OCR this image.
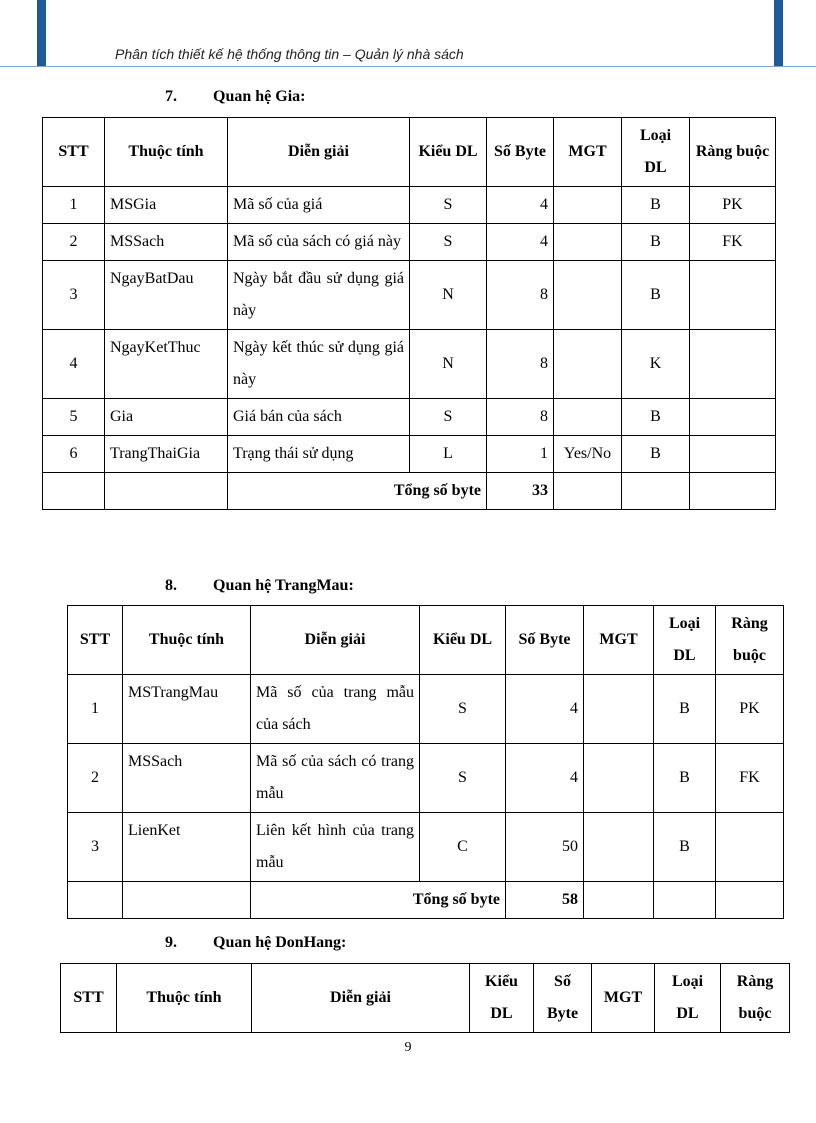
Phân tích thiết kế hệ thống thông tin – Quản lý nhà sách
7. Quan hệ Gia:
STT	Thuộc tính	Diễn giải	Kiểu DL	Số Byte	MGT	Loại DL	Ràng buộc
1	MSGia	Mã số của giá	S	4		B	PK
2	MSSach	Mã số của sách có giá này	S	4		B	FK
3	NgayBatDau	Ngày bắt đầu sử dụng giá này	N	8		B	
4	NgayKetThuc	Ngày kết thúc sử dụng giá này	N	8		K	
5	Gia	Giá bán của sách	S	8		B	
6	TrangThaiGia	Trạng thái sử dụng	L	1	Yes/No	B	
		Tổng số byte		33			
8. Quan hệ TrangMau:
STT	Thuộc tính	Diễn giải	Kiểu DL	Số Byte	MGT	Loại DL	Ràng buộc
1	MSTrangMau	Mã số của trang mẫu của sách	S	4		B	PK
2	MSSach	Mã số của sách có trang mẫu	S	4		B	FK
3	LienKet	Liên kết hình của trang mẫu	C	50		B	
		Tổng số byte		58			
9. Quan hệ DonHang:
STT	Thuộc tính	Diễn giải	Kiểu DL	Số Byte	MGT	Loại DL	Ràng buộc
9
